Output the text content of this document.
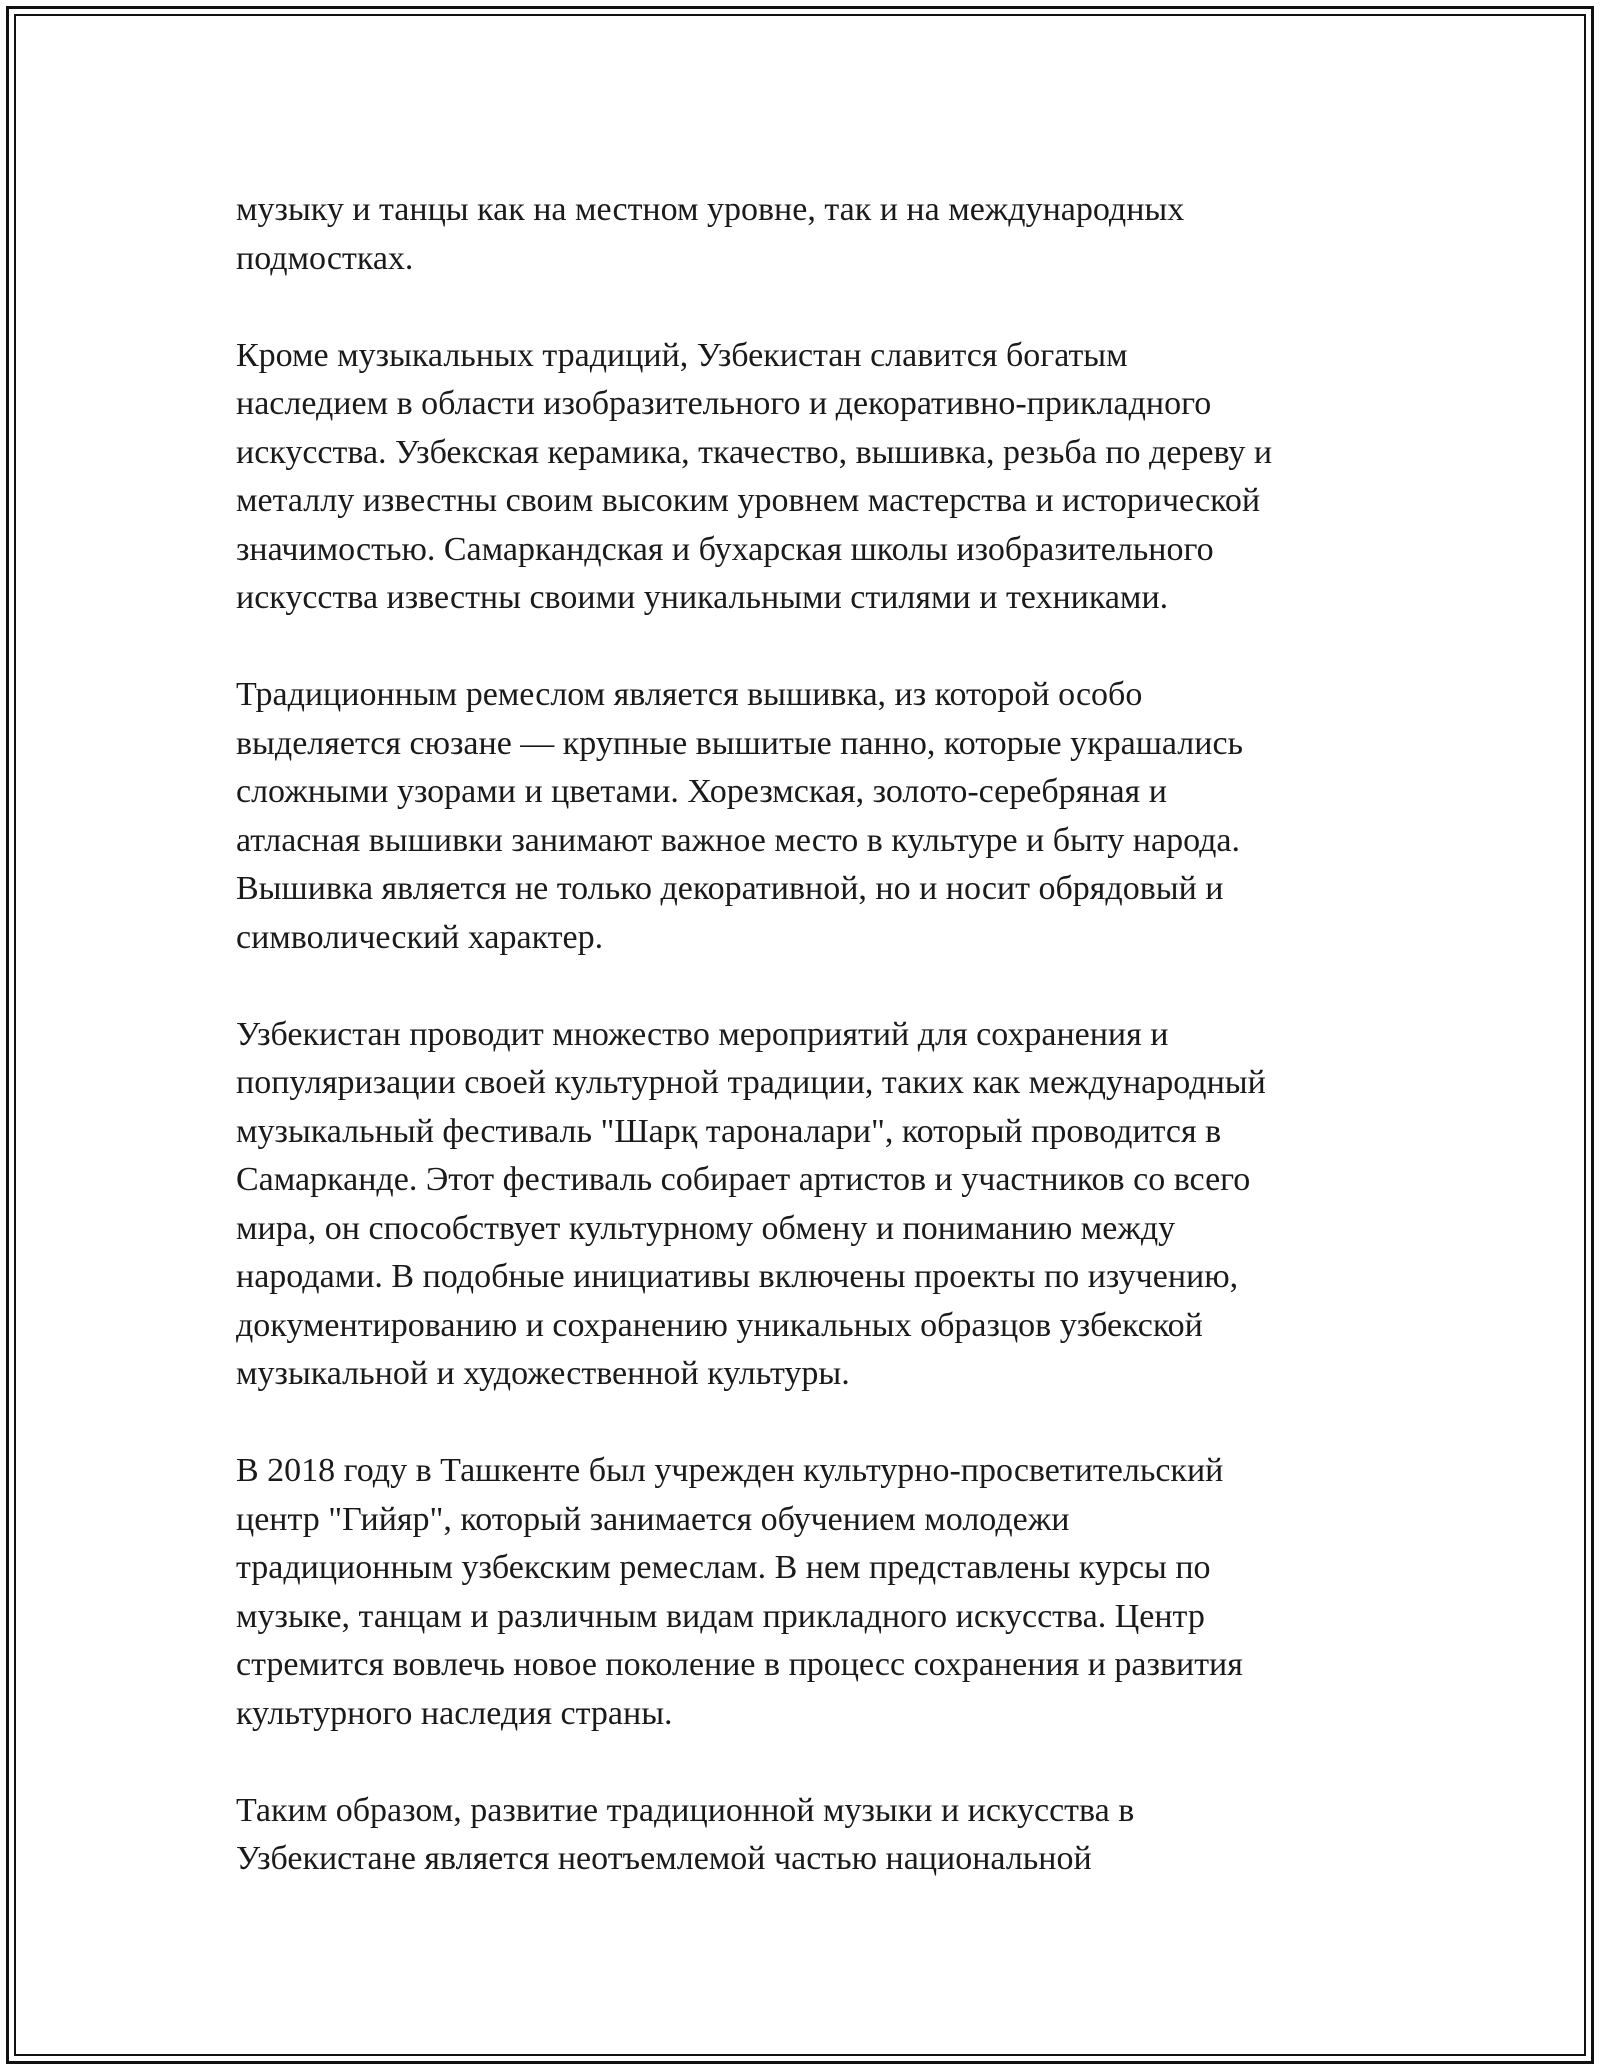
музыку и танцы как на местном уровне, так и на международных
подмостках.

Кроме музыкальных традиций, Узбекистан славится богатым
наследием в области изобразительного и декоративно-прикладного
искусства. Узбекская керамика, ткачество, вышивка, резьба по дереву и
металлу известны своим высоким уровнем мастерства и исторической
значимостью. Самаркандская и бухарская школы изобразительного
искусства известны своими уникальными стилями и техниками.

Традиционным ремеслом является вышивка, из которой особо
выделяется сюзане — крупные вышитые панно, которые украшались
сложными узорами и цветами. Хорезмская, золото-серебряная и
атласная вышивки занимают важное место в культуре и быту народа.
Вышивка является не только декоративной, но и носит обрядовый и
символический характер.

Узбекистан проводит множество мероприятий для сохранения и
популяризации своей культурной традиции, таких как международный
музыкальный фестиваль "Шарқ тароналари", который проводится в
Самарканде. Этот фестиваль собирает артистов и участников со всего
мира, он способствует культурному обмену и пониманию между
народами. В подобные инициативы включены проекты по изучению,
документированию и сохранению уникальных образцов узбекской
музыкальной и художественной культуры.

В 2018 году в Ташкенте был учрежден культурно-просветительский
центр "Гийяр", который занимается обучением молодежи
традиционным узбекским ремеслам. В нем представлены курсы по
музыке, танцам и различным видам прикладного искусства. Центр
стремится вовлечь новое поколение в процесс сохранения и развития
культурного наследия страны.

Таким образом, развитие традиционной музыки и искусства в
Узбекистане является неотъемлемой частью национальной
